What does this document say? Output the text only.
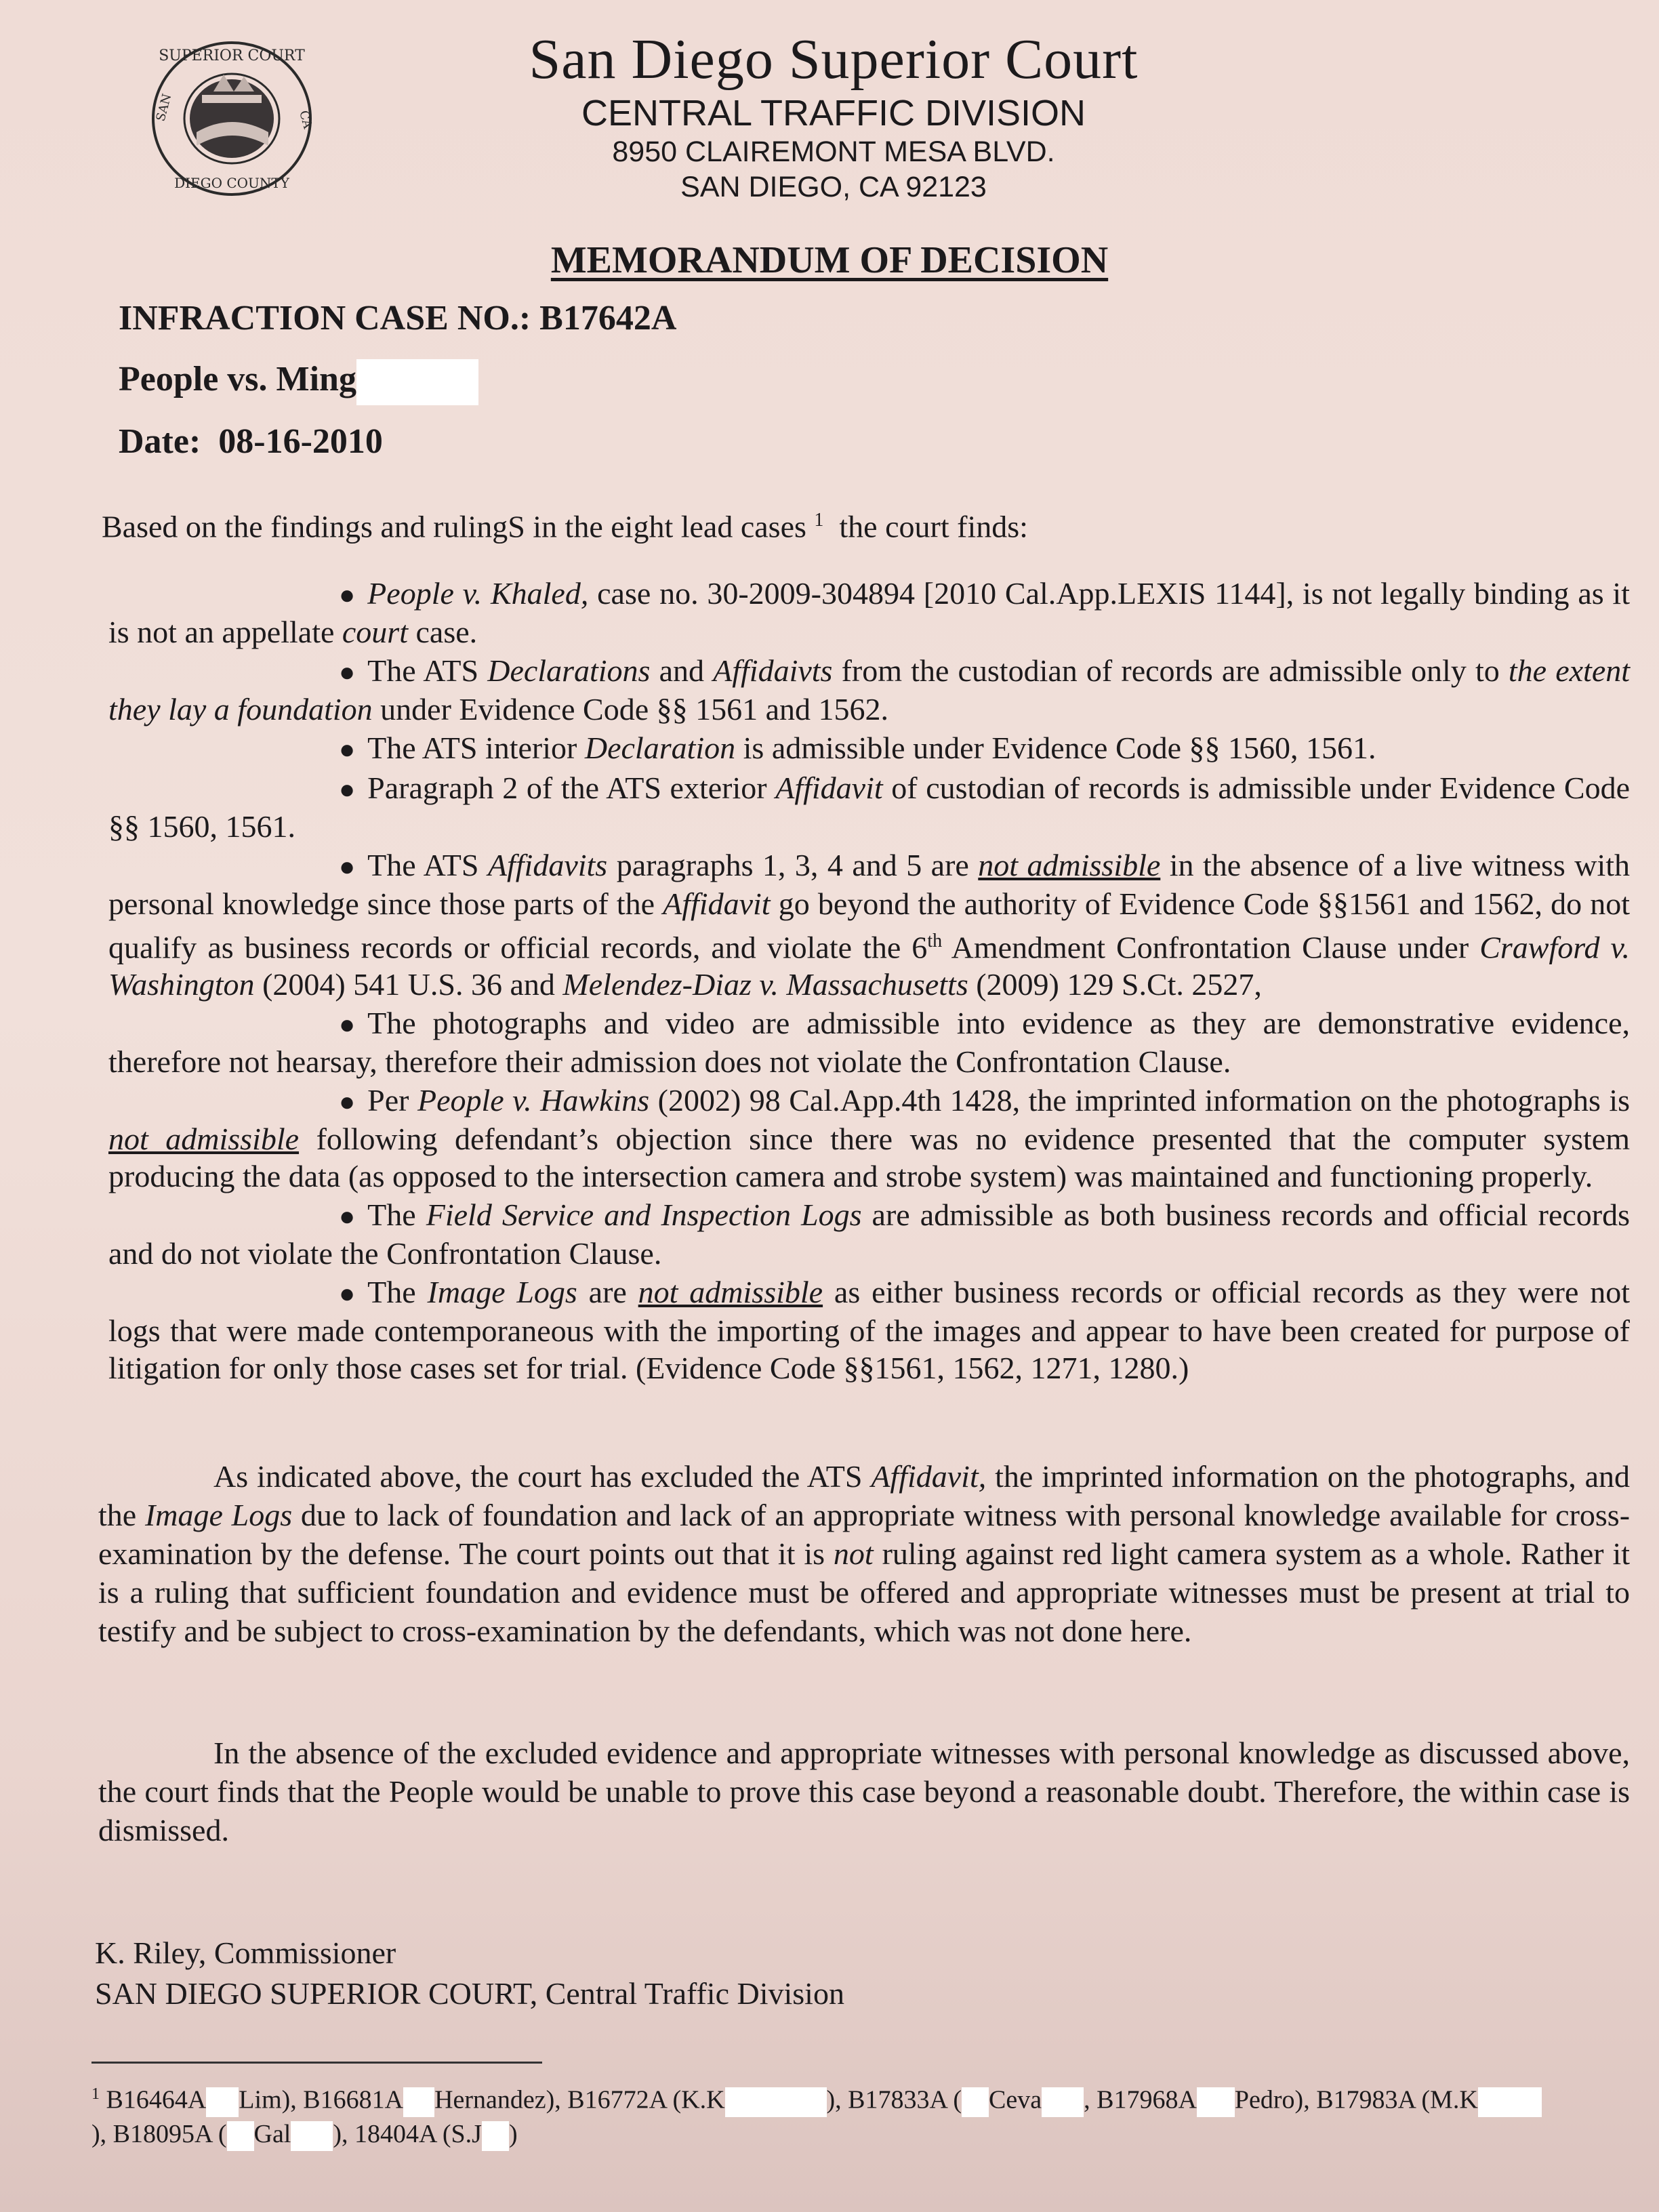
SUPERIOR COURT
SAN	CA
DIEGO COUNTY
San Diego Superior Court
CENTRAL TRAFFIC DIVISION
8950 CLAIREMONT MESA BLVD.
SAN DIEGO, CA 92123
MEMORANDUM OF DECISION
INFRACTION CASE NO.: B17642A
People vs. Ming
Date: 08-16-2010
Based on the findings and rulingS in the eight lead cases $^1$ the court finds:
● People v. Khaled, case no. 30-2009-304894 [2010 Cal.App.LEXIS 1144], is not legally binding as it is not an appellate court case.
● The ATS Declarations and Affidaivts from the custodian of records are admissible only to the extent they lay a foundation under Evidence Code §§ 1561 and 1562.
● The ATS interior Declaration is admissible under Evidence Code §§ 1560, 1561.
● Paragraph 2 of the ATS exterior Affidavit of custodian of records is admissible under Evidence Code §§ 1560, 1561.
● The ATS Affidavits paragraphs 1, 3, 4 and 5 are not admissible in the absence of a live witness with personal knowledge since those parts of the Affidavit go beyond the authority of Evidence Code §§1561 and 1562, do not qualify as business records or official records, and violate the 6th Amendment Confrontation Clause under Crawford v. Washington (2004) 541 U.S. 36 and Melendez-Diaz v. Massachusetts (2009) 129 S.Ct. 2527,
● The photographs and video are admissible into evidence as they are demonstrative evidence, therefore not hearsay, therefore their admission does not violate the Confrontation Clause.
● Per People v. Hawkins (2002) 98 Cal.App.4th 1428, the imprinted information on the photographs is not admissible following defendant’s objection since there was no evidence presented that the computer system producing the data (as opposed to the intersection camera and strobe system) was maintained and functioning properly.
● The Field Service and Inspection Logs are admissible as both business records and official records and do not violate the Confrontation Clause.
● The Image Logs are not admissible as either business records or official records as they were not logs that were made contemporaneous with the importing of the images and appear to have been created for purpose of litigation for only those cases set for trial. (Evidence Code §§1561, 1562, 1271, 1280.)
As indicated above, the court has excluded the ATS Affidavit, the imprinted information on the photographs, and the Image Logs due to lack of foundation and lack of an appropriate witness with personal knowledge available for cross-examination by the defense. The court points out that it is not ruling against red light camera system as a whole. Rather it is a ruling that sufficient foundation and evidence must be offered and appropriate witnesses must be present at trial to testify and be subject to cross-examination by the defendants, which was not done here.
In the absence of the excluded evidence and appropriate witnesses with personal knowledge as discussed above, the court finds that the People would be unable to prove this case beyond a reasonable doubt. Therefore, the within case is dismissed.
K. Riley, Commissioner
SAN DIEGO SUPERIOR COURT, Central Traffic Division
$^1$ B16464A Lim), B16681A Hernandez), B16772A (K.K	), B17833A ( Ceva , B17968A Pedro), B17983A (M.K), B18095A ( Gal ), 18404A (S.J )
